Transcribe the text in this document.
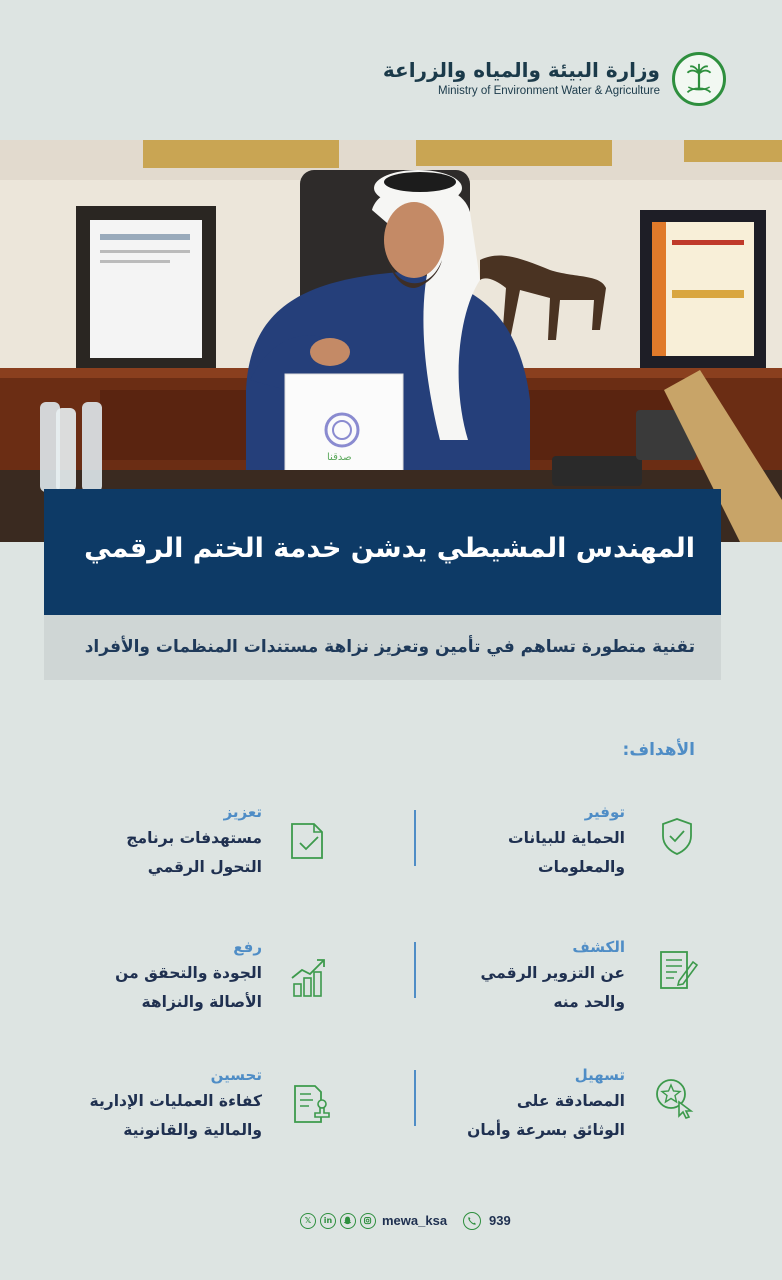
وزارة البيئة والمياه والزراعة
Ministry of Environment Water & Agriculture
صدقنا
المهندس المشيطي يدشن خدمة الختم الرقمي
تقنية متطورة تساهم في تأمين وتعزيز نزاهة مستندات المنظمات والأفراد
الأهداف:
توفير
الحماية للبيانات
والمعلومات
تعزيز
مستهدفات برنامج
التحول الرقمي
الكشف
عن التزوير الرقمي
والحد منه
رفع
الجودة والتحقق من
الأصالة والنزاهة
تسهيل
المصادقة على
الوثائق بسرعة وأمان
تحسين
كفاءة العمليات الإدارية
والمالية والقانونية
𝕏	in	mewa_ksa	939
